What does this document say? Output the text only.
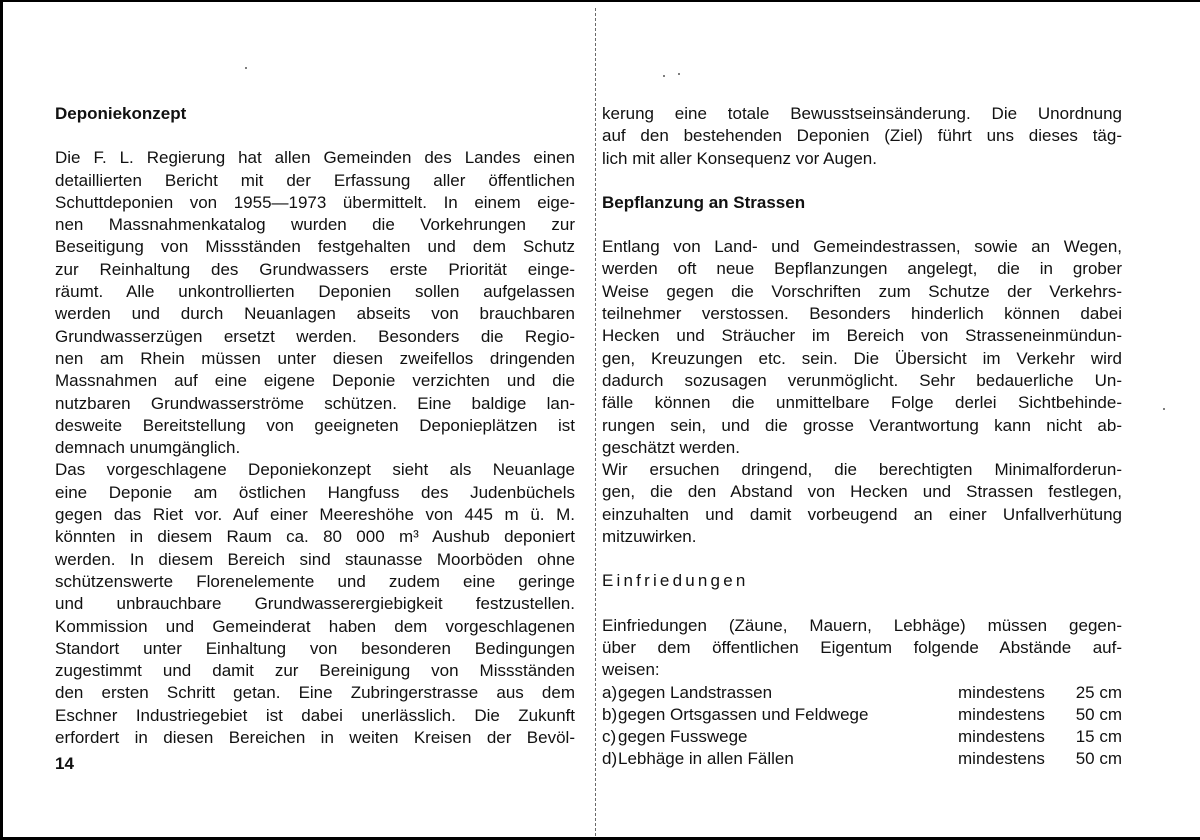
Deponiekonzept

Die F. L. Regierung hat allen Gemeinden des Landes einen
detaillierten Bericht mit der Erfassung aller öffentlichen
Schuttdeponien von 1955—1973 übermittelt. In einem eige-
nen Massnahmenkatalog wurden die Vorkehrungen zur
Beseitigung von Missständen festgehalten und dem Schutz
zur Reinhaltung des Grundwassers erste Priorität einge-
räumt. Alle unkontrollierten Deponien sollen aufgelassen
werden und durch Neuanlagen abseits von brauchbaren
Grundwasserzügen ersetzt werden. Besonders die Regio-
nen am Rhein müssen unter diesen zweifellos dringenden
Massnahmen auf eine eigene Deponie verzichten und die
nutzbaren Grundwasserströme schützen. Eine baldige lan-
desweite Bereitstellung von geeigneten Deponieplätzen ist
demnach unumgänglich.

Das vorgeschlagene Deponiekonzept sieht als Neuanlage
eine Deponie am östlichen Hangfuss des Judenbüchels
gegen das Riet vor. Auf einer Meereshöhe von 445 m ü. M.
könnten in diesem Raum ca. 80 000 m³ Aushub deponiert
werden. In diesem Bereich sind staunasse Moorböden ohne
schützenswerte Florenelemente und zudem eine geringe
und unbrauchbare Grundwasserergiebigkeit festzustellen.
Kommission und Gemeinderat haben dem vorgeschlagenen
Standort unter Einhaltung von besonderen Bedingungen
zugestimmt und damit zur Bereinigung von Missständen
den ersten Schritt getan. Eine Zubringerstrasse aus dem
Eschner Industriegebiet ist dabei unerlässlich. Die Zukunft
erfordert in diesen Bereichen in weiten Kreisen der Bevöl-

14

kerung eine totale Bewusstseinsänderung. Die Unordnung
auf den bestehenden Deponien (Ziel) führt uns dieses täg-
lich mit aller Konsequenz vor Augen.

Bepflanzung an Strassen

Entlang von Land- und Gemeindestrassen, sowie an Wegen,
werden oft neue Bepflanzungen angelegt, die in grober
Weise gegen die Vorschriften zum Schutze der Verkehrs-
teilnehmer verstossen. Besonders hinderlich können dabei
Hecken und Sträucher im Bereich von Strasseneinmündun-
gen, Kreuzungen etc. sein. Die Übersicht im Verkehr wird
dadurch sozusagen verunmöglicht. Sehr bedauerliche Un-
fälle können die unmittelbare Folge derlei Sichtbehinde-
rungen sein, und die grosse Verantwortung kann nicht ab-
geschätzt werden.

Wir ersuchen dringend, die berechtigten Minimalforderun-
gen, die den Abstand von Hecken und Strassen festlegen,
einzuhalten und damit vorbeugend an einer Unfallverhütung
mitzuwirken.

Einfriedungen

Einfriedungen (Zäune, Mauern, Lebhäge) müssen gegen-
über dem öffentlichen Eigentum folgende Abstände auf-
weisen:

a)	gegen Landstrassen	mindestens	25 cm
b)	gegen Ortsgassen und Feldwege	mindestens	50 cm
c)	gegen Fusswege	mindestens	15 cm
d)	Lebhäge in allen Fällen	mindestens	50 cm
